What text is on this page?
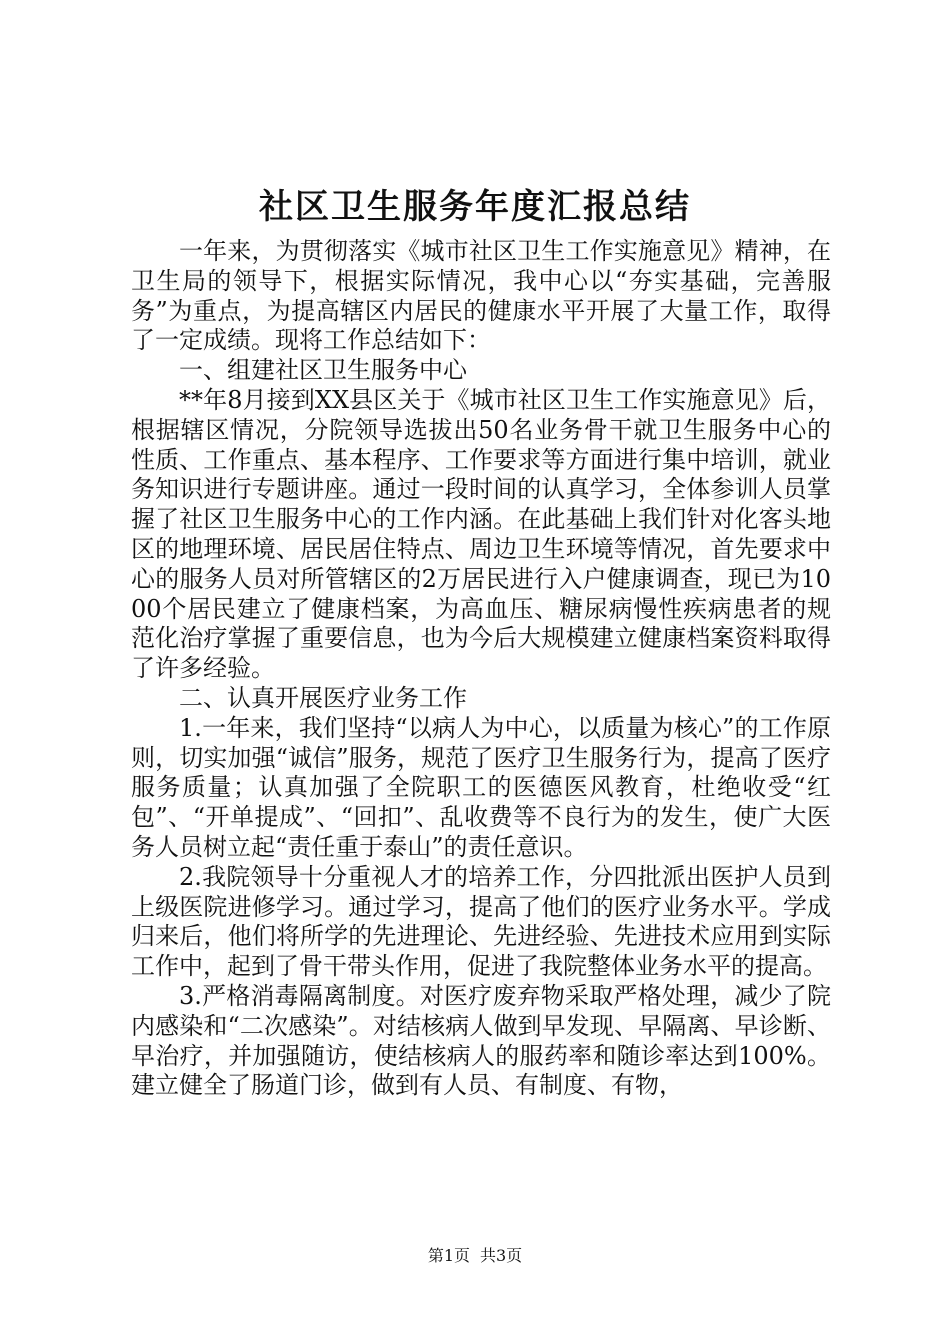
社区卫生服务年度汇报总结

一年来，为贯彻落实《城市社区卫生工作实施意见》精神，在卫生局的领导下，根据实际情况，我中心以“夯实基础，完善服务”为重点，为提高辖区内居民的健康水平开展了大量工作，取得了一定成绩。现将工作总结如下：

一、组建社区卫生服务中心

**年8月接到XX县区关于《城市社区卫生工作实施意见》后，根据辖区情况，分院领导选拔出50名业务骨干就卫生服务中心的性质、工作重点、基本程序、工作要求等方面进行集中培训，就业务知识进行专题讲座。通过一段时间的认真学习，全体参训人员掌握了社区卫生服务中心的工作内涵。在此基础上我们针对化客头地区的地理环境、居民居住特点、周边卫生环境等情况，首先要求中心的服务人员对所管辖区的2万居民进行入户健康调查，现已为1000个居民建立了健康档案，为高血压、糖尿病慢性疾病患者的规范化治疗掌握了重要信息，也为今后大规模建立健康档案资料取得了许多经验。

二、认真开展医疗业务工作

1.一年来，我们坚持“以病人为中心，以质量为核心”的工作原则，切实加强“诚信”服务，规范了医疗卫生服务行为，提高了医疗服务质量；认真加强了全院职工的医德医风教育，杜绝收受“红包”、“开单提成”、“回扣”、乱收费等不良行为的发生，使广大医务人员树立起“责任重于泰山”的责任意识。

2.我院领导十分重视人才的培养工作，分四批派出医护人员到上级医院进修学习。通过学习，提高了他们的医疗业务水平。学成归来后，他们将所学的先进理论、先进经验、先进技术应用到实际工作中，起到了骨干带头作用，促进了我院整体业务水平的提高。

3.严格消毒隔离制度。对医疗废弃物采取严格处理，减少了院内感染和“二次感染”。对结核病人做到早发现、早隔离、早诊断、早治疗，并加强随访，使结核病人的服药率和随诊率达到100%。建立健全了肠道门诊，做到有人员、有制度、有物，

第1页 共3页
